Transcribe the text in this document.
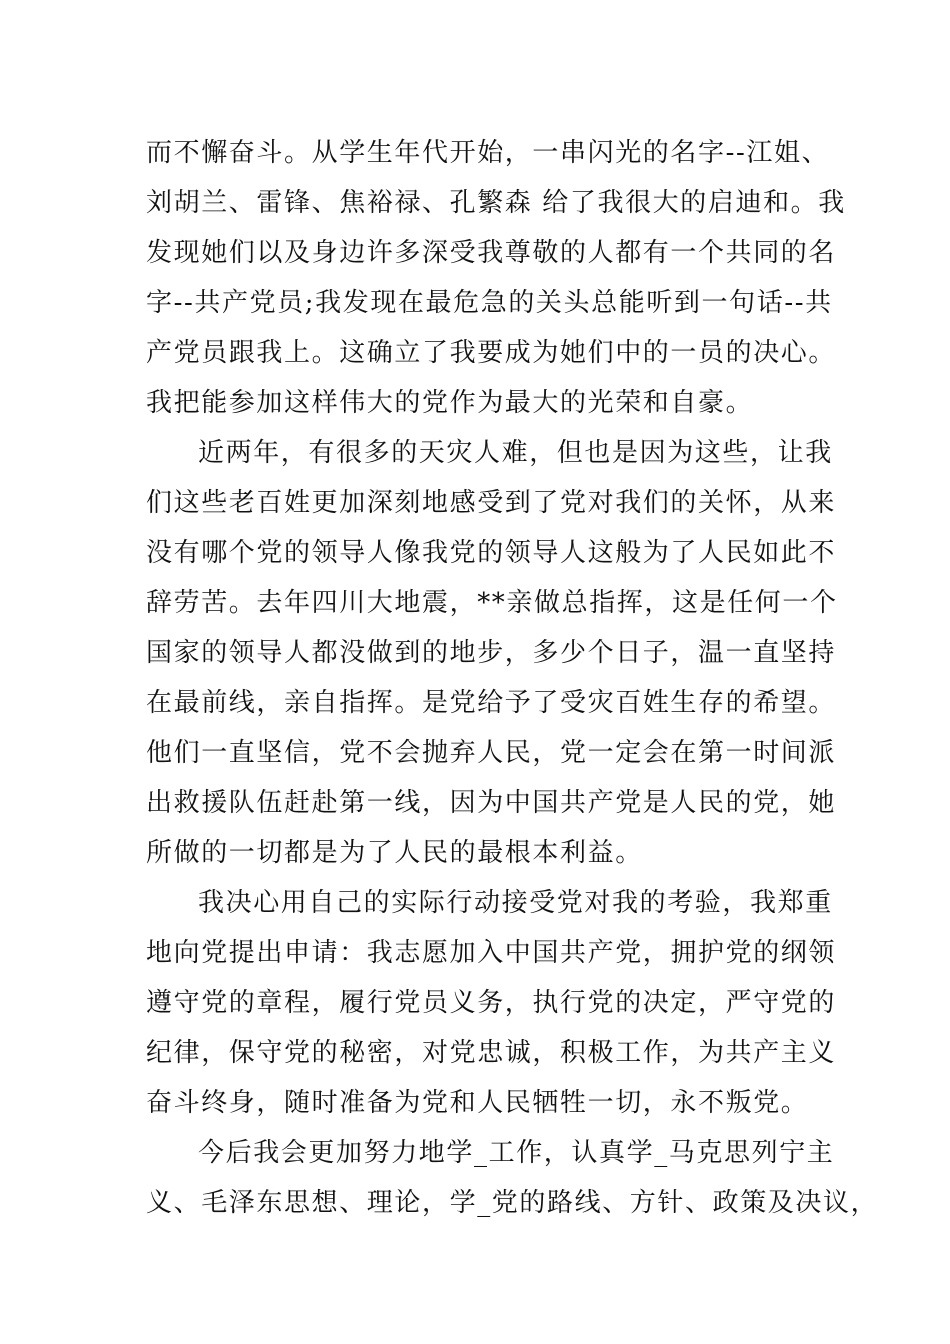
而不懈奋斗。从学生年代开始，一串闪光的名字--江姐、
刘胡兰、雷锋、焦裕禄、孔繁森 给了我很大的启迪和。我
发现她们以及身边许多深受我尊敬的人都有一个共同的名
字--共产党员;我发现在最危急的关头总能听到一句话--共
产党员跟我上。这确立了我要成为她们中的一员的决心。
我把能参加这样伟大的党作为最大的光荣和自豪。
近两年，有很多的天灾人难，但也是因为这些，让我
们这些老百姓更加深刻地感受到了党对我们的关怀，从来
没有哪个党的领导人像我党的领导人这般为了人民如此不
辞劳苦。去年四川大地震，**亲做总指挥，这是任何一个
国家的领导人都没做到的地步，多少个日子，温一直坚持
在最前线，亲自指挥。是党给予了受灾百姓生存的希望。
他们一直坚信，党不会抛弃人民，党一定会在第一时间派
出救援队伍赶赴第一线，因为中国共产党是人民的党，她
所做的一切都是为了人民的最根本利益。
我决心用自己的实际行动接受党对我的考验，我郑重
地向党提出申请：我志愿加入中国共产党，拥护党的纲领
遵守党的章程，履行党员义务，执行党的决定，严守党的
纪律，保守党的秘密，对党忠诚，积极工作，为共产主义
奋斗终身，随时准备为党和人民牺牲一切，永不叛党。
今后我会更加努力地学_工作，认真学_马克思列宁主
义、毛泽东思想、理论，学_党的路线、方针、政策及决议，
